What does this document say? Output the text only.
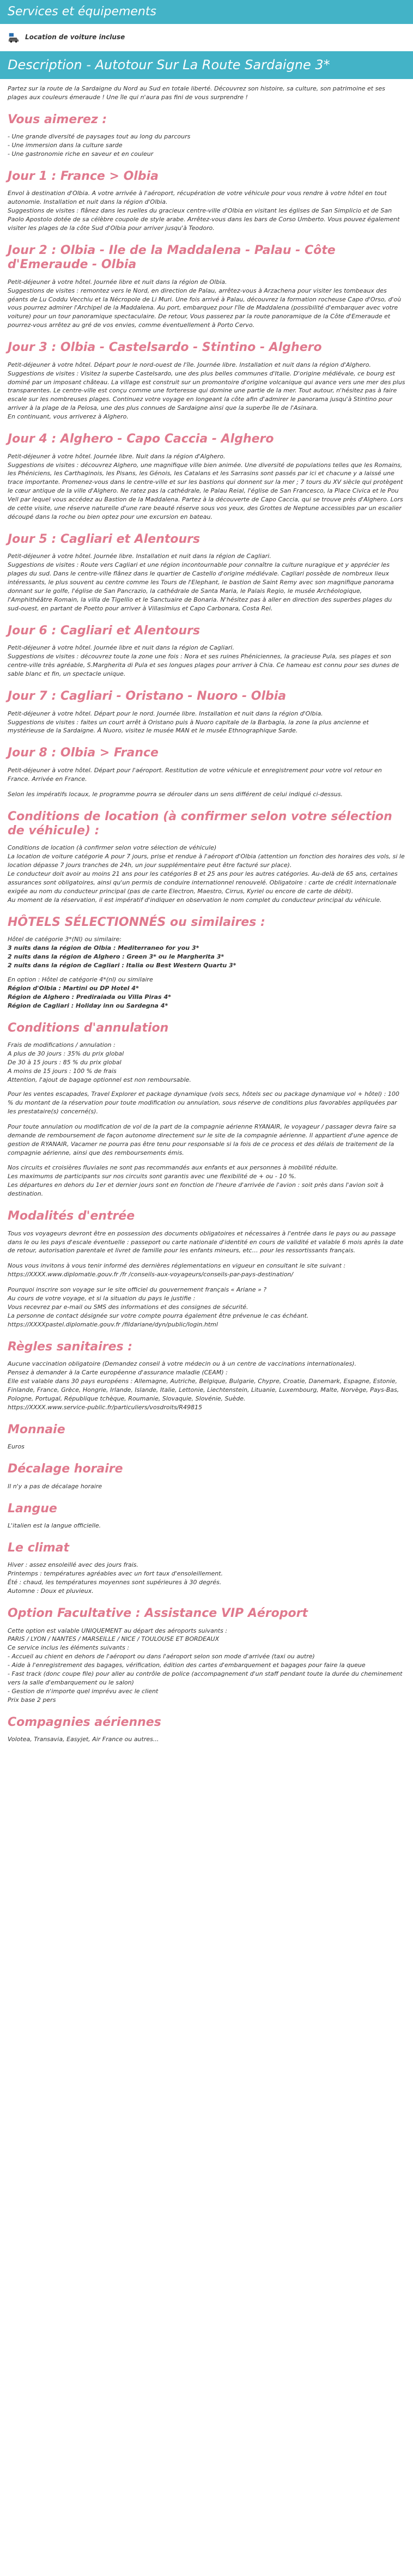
Services et équipements
Location de voiture incluse
Description - Autotour Sur La Route Sardaigne 3*

Partez sur la route de la Sardaigne du Nord au Sud en totale liberté. Découvrez son histoire, sa culture, son patrimoine et ses plages aux couleurs émeraude ! Une île qui n'aura pas fini de vous surprendre !

Vous aimerez :
- Une grande diversité de paysages tout au long du parcours
- Une immersion dans la culture sarde
- Une gastronomie riche en saveur et en couleur
Jour 1 : France > Olbia

Envol à destination d'Olbia. A votre arrivée à l'aéroport, récupération de votre véhicule pour vous rendre à votre hôtel en tout autonomie. Installation et nuit dans la région d'Olbia.
Suggestions de visites : flânez dans les ruelles du gracieux centre-ville d'Olbia en visitant les églises de San Simplicio et de San Paolo Apostolo dotée de sa célèbre coupole de style arabe. Arrêtez-vous dans les bars de Corso Umberto. Vous pouvez également visiter les plages de la côte Sud d'Olbia pour arriver jusqu'à Teodoro.

Jour 2 : Olbia - Ile de la Maddalena - Palau - Côte d'Emeraude - Olbia

Petit-déjeuner à votre hôtel. Journée libre et nuit dans la région de Olbia.
Suggestions de visites : remontez vers le Nord, en direction de Palau, arrêtez-vous à Arzachena pour visiter les tombeaux des géants de Lu Coddu Vecchiu et la Nécropole de Li Muri. Une fois arrivé à Palau, découvrez la formation rocheuse Capo d'Orso, d'où vous pourrez admirer l'Archipel de la Maddalena. Au port, embarquez pour l'île de Maddalena (possibilité d'embarquer avec votre voiture) pour un tour panoramique spectaculaire. De retour, Vous passerez par la route panoramique de la Côte d'Emeraude et pourrez-vous arrêtez au gré de vos envies, comme éventuellement à Porto Cervo.

Jour 3 : Olbia - Castelsardo - Stintino - Alghero

Petit-déjeuner à votre hôtel. Départ pour le nord-ouest de l'île. Journée libre. Installation et nuit dans la région d'Alghero.
Suggestions de visites : Visitez la superbe Castelsardo, une des plus belles communes d'Italie. D'origine médiévale, ce bourg est dominé par un imposant château. La village est construit sur un promontoire d'origine volcanique qui avance vers une mer des plus transparentes. Le centre-ville est conçu comme une forteresse qui domine une partie de la mer. Tout autour, n'hésitez pas à faire escale sur les nombreuses plages. Continuez votre voyage en longeant la côte afin d'admirer le panorama jusqu'à Stintino pour arriver à la plage de la Pelosa, une des plus connues de Sardaigne ainsi que la superbe île de l'Asinara.
En continuant, vous arriverez à Alghero.

Jour 4 : Alghero - Capo Caccia - Alghero

Petit-déjeuner à votre hôtel. Journée libre. Nuit dans la région d'Alghero.
Suggestions de visites : découvrez Alghero, une magnifique ville bien animée. Une diversité de populations telles que les Romains, les Phéniciens, les Carthaginois, les Pisans, les Génois, les Catalans et les Sarrasins sont passés par ici et chacune y a laissé une trace importante. Promenez-vous dans le centre-ville et sur les bastions qui donnent sur la mer ; 7 tours du XV siècle qui protègent le cœur antique de la ville d'Alghero. Ne ratez pas la cathédrale, le Palau Reial, l'église de San Francesco, la Place Civica et le Pou Vell par lequel vous accédez au Bastion de la Maddalena. Partez à la découverte de Capo Caccia, qui se trouve près d'Alghero. Lors de cette visite, une réserve naturelle d'une rare beauté réserve sous vos yeux, des Grottes de Neptune accessibles par un escalier découpé dans la roche ou bien optez pour une excursion en bateau.

Jour 5 : Cagliari et Alentours

Petit-déjeuner à votre hôtel. Journée libre. Installation et nuit dans la région de Cagliari.
Suggestions de visites : Route vers Cagliari et une région incontournable pour connaître la culture nuragique et y apprécier les plages du sud. Dans le centre-ville flânez dans le quartier de Castello d'origine médiévale. Cagliari possède de nombreux lieux intéressants, le plus souvent au centre comme les Tours de l'Elephant, le bastion de Saint Remy avec son magnifique panorama donnant sur le golfe, l'église de San Pancrazio, la cathédrale de Santa Maria, le Palais Regio, le musée Archéologique, l'Amphithéâtre Romain, la villa de Tigellio et le Sanctuaire de Bonaria. N'hésitez pas à aller en direction des superbes plages du sud-ouest, en partant de Poetto pour arriver à Villasimius et Capo Carbonara, Costa Rei.

Jour 6 : Cagliari et Alentours

Petit-déjeuner à votre hôtel. Journée libre et nuit dans la région de Cagliari.
Suggestions de visites : découvrez toute la zone une fois : Nora et ses ruines Phéniciennes, la gracieuse Pula, ses plages et son centre-ville très agréable, S.Margherita di Pula et ses longues plages pour arriver à Chia. Ce hameau est connu pour ses dunes de sable blanc et fin, un spectacle unique.

Jour 7 : Cagliari - Oristano - Nuoro - Olbia

Petit-déjeuner à votre hôtel. Départ pour le nord. Journée libre. Installation et nuit dans la région d'Olbia.
Suggestions de visites : faites un court arrêt à Oristano puis à Nuoro capitale de la Barbagia, la zone la plus ancienne et mystérieuse de la Sardaigne. À Nuoro, visitez le musée MAN et le musée Ethnographique Sarde.

Jour 8 : Olbia > France

Petit-déjeuner à votre hôtel. Départ pour l'aéroport. Restitution de votre véhicule et enregistrement pour votre vol retour en France. Arrivée en France.

Selon les impératifs locaux, le programme pourra se dérouler dans un sens différent de celui indiqué ci-dessus.

Conditions de location (à confirmer selon votre sélection de véhicule) :

Conditions de location (à confirmer selon votre sélection de véhicule)
La location de voiture catégorie A pour 7 jours, prise et rendue à l'aéroport d'Olbia (attention un fonction des horaires des vols, si le location dépasse 7 jours tranches de 24h, un jour supplémentaire peut être facturé sur place).
Le conducteur doit avoir au moins 21 ans pour les catégories B et 25 ans pour les autres catégories. Au-delà de 65 ans, certaines assurances sont obligatoires, ainsi qu'un permis de conduire internationnel renouvelé. Obligatoire : carte de crédit internationale exigée au nom du conducteur principal (pas de carte Electron, Maestro, Cirrus, Kyriel ou encore de carte de débit).
Au moment de la réservation, il est impératif d'indiquer en observation le nom complet du conducteur principal du véhicule.

HÔTELS SÉLECTIONNÉS ou similaires :

Hôtel de catégorie 3*(NI) ou similaire:

3 nuits dans la région de Olbia : Mediterraneo for you 3*

2 nuits dans la région de Alghero : Green 3* ou le Margherita 3*

2 nuits dans la région de Cagliari : Italia ou Best Western Quartu 3*

En option : Hôtel de catégorie 4*(nl) ou similaire

Région d'Olbia : Martini ou DP Hotel 4*

Région de Alghero : Prediraiada ou Villa Piras 4*

Région de Cagliari : Holiday inn ou Sardegna 4*

Conditions d'annulation

Frais de modifications / annulation :

A plus de 30 jours : 35% du prix global

De 30 à 15 jours : 85 % du prix global

A moins de 15 jours : 100 % de frais

Attention, l'ajout de bagage optionnel est non remboursable.

Pour les ventes escapades, Travel Explorer et package dynamique (vols secs, hôtels sec ou package dynamique vol + hôtel) : 100 % du montant de la réservation pour toute modification ou annulation, sous réserve de conditions plus favorables appliquées par les prestataire(s) concerné(s).

Pour toute annulation ou modification de vol de la part de la compagnie aérienne RYANAIR, le voyageur / passager devra faire sa demande de remboursement de façon autonome directement sur le site de la compagnie aérienne. Il appartient d'une agence de gestion de RYANAIR, Vacamer ne pourra pas être tenu pour responsable si la fois de ce process et des délais de traitement de la compagnie aérienne, ainsi que des remboursements émis.

Nos circuits et croisières fluviales ne sont pas recommandés aux enfants et aux personnes à mobilité réduite.
Les maximums de participants sur nos circuits sont garantis avec une flexibilité de + ou - 10 %.
Les départures en dehors du 1er et dernier jours sont en fonction de l'heure d'arrivée de l'avion : soit près dans l'avion soit à destination.

Modalités d'entrée

Tous vos voyageurs devront être en possession des documents obligatoires et nécessaires à l'entrée dans le pays ou au passage dans le ou les pays d'escale éventuelle : passeport ou carte nationale d'identité en cours de validité et valable 6 mois après la date de retour, autorisation parentale et livret de famille pour les enfants mineurs, etc… pour les ressortissants français.

Nous vous invitons à vous tenir informé des dernières réglementations en vigueur en consultant le site suivant : https://XXXX.www.diplomatie.gouv.fr /fr /conseils-aux-voyageurs/conseils-par-pays-destination/

Pourquoi inscrire son voyage sur le site officiel du gouvernement français « Ariane » ?
Au cours de votre voyage, et si la situation du pays le justifie :
Vous recevrez par e-mail ou SMS des informations et des consignes de sécurité.
La personne de contact désignée sur votre compte pourra également être prévenue le cas échéant.
https://XXXXpastel.diplomatie.gouv.fr /fildariane/dyn/public/login.html

Règles sanitaires :

Aucune vaccination obligatoire (Demandez conseil à votre médecin ou à un centre de vaccinations internationales).
Pensez à demander à la Carte européenne d'assurance maladie (CEAM) :
Elle est valable dans 30 pays européens : Allemagne, Autriche, Belgique, Bulgarie, Chypre, Croatie, Danemark, Espagne, Estonie, Finlande, France, Grèce, Hongrie, Irlande, Islande, Italie, Lettonie, Liechtenstein, Lituanie, Luxembourg, Malte, Norvège, Pays-Bas, Pologne, Portugal, République tchèque, Roumanie, Slovaquie, Slovénie, Suède.
https://XXXX.www.service-public.fr/particuliers/vosdroits/R49815

Monnaie

Euros

Décalage horaire

Il n'y a pas de décalage horaire

Langue

L'italien est la langue officielle.

Le climat

Hiver : assez ensoleillé avec des jours frais.

Printemps : températures agréables avec un fort taux d'ensoleillement.

Été : chaud, les températures moyennes sont supérieures à 30 degrés.

Automne : Doux et pluvieux.

Option Facultative : Assistance VIP Aéroport

Cette option est valable UNIQUEMENT au départ des aéroports suivants :
PARIS / LYON / NANTES / MARSEILLE / NICE / TOULOUSE ET BORDEAUX
Ce service inclus les éléments suivants :
- Accueil au chient en dehors de l'aéroport ou dans l'aéroport selon son mode d'arrivée (taxi ou autre)
- Aide à l'enregistrement des bagages, vérification, édition des cartes d'embarquement et bagages pour faire la queue
- Fast track (donc coupe file) pour aller au contrôle de police (accompagnement d'un staff pendant toute la durée du cheminement vers la salle d'embarquement ou le salon)
- Gestion de n'importe quel imprévu avec le client
Prix base 2 pers

Compagnies aériennes

Volotea, Transavia, Easyjet, Air France ou autres...
